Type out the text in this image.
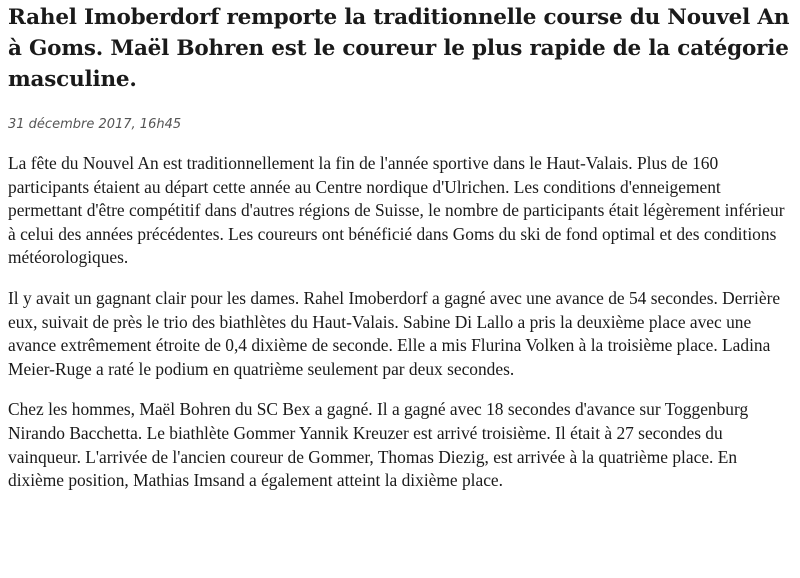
Rahel Imoberdorf remporte la traditionnelle course du Nouvel An à Goms. Maël Bohren est le coureur le plus rapide de la catégorie masculine.
31 décembre 2017, 16h45

La fête du Nouvel An est traditionnellement la fin de l'année sportive dans le Haut-Valais. Plus de 160 participants étaient au départ cette année au Centre nordique d'Ulrichen. Les conditions d'enneigement permettant d'être compétitif dans d'autres régions de Suisse, le nombre de participants était légèrement inférieur à celui des années précédentes. Les coureurs ont bénéficié dans Goms du ski de fond optimal et des conditions météorologiques.

Il y avait un gagnant clair pour les dames. Rahel Imoberdorf a gagné avec une avance de 54 secondes. Derrière eux, suivait de près le trio des biathlètes du Haut-Valais. Sabine Di Lallo a pris la deuxième place avec une avance extrêmement étroite de 0,4 dixième de seconde. Elle a mis Flurina Volken à la troisième place. Ladina Meier-Ruge a raté le podium en quatrième seulement par deux secondes.

Chez les hommes, Maël Bohren du SC Bex a gagné. Il a gagné avec 18 secondes d'avance sur Toggenburg Nirando Bacchetta. Le biathlète Gommer Yannik Kreuzer est arrivé troisième. Il était à 27 secondes du vainqueur. L'arrivée de l'ancien coureur de Gommer, Thomas Diezig, est arrivée à la quatrième place. En dixième position, Mathias Imsand a également atteint la dixième place.
